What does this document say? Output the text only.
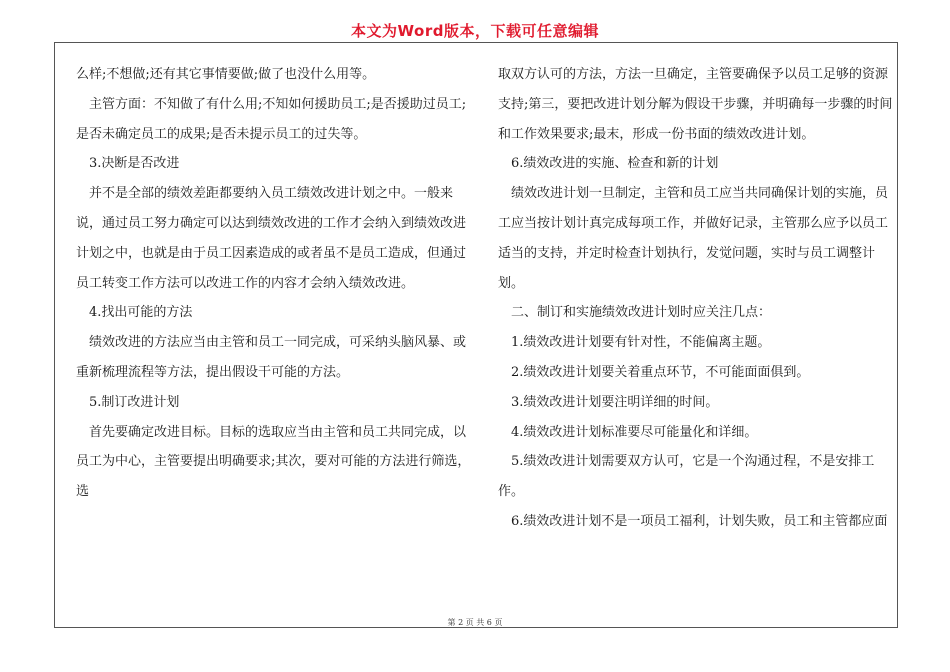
本文为Word版本，下载可任意编辑

么样;不想做;还有其它事情要做;做了也没什么用等。

主管方面：不知做了有什么用;不知如何援助员工;是否援助过员工;是否未确定员工的成果;是否未提示员工的过失等。

3.决断是否改进

并不是全部的绩效差距都要纳入员工绩效改进计划之中。一般来说，通过员工努力确定可以达到绩效改进的工作才会纳入到绩效改进计划之中，也就是由于员工因素造成的或者虽不是员工造成，但通过员工转变工作方法可以改进工作的内容才会纳入绩效改进。

4.找出可能的方法

绩效改进的方法应当由主管和员工一同完成，可采纳头脑风暴、或重新梳理流程等方法，提出假设干可能的方法。

5.制订改进计划

首先要确定改进目标。目标的选取应当由主管和员工共同完成，以员工为中心，主管要提出明确要求;其次，要对可能的方法进行筛选，选

取双方认可的方法，方法一旦确定，主管要确保予以员工足够的资源支持;第三，要把改进计划分解为假设干步骤，并明确每一步骤的时间和工作效果要求;最末，形成一份书面的绩效改进计划。

6.绩效改进的实施、检查和新的计划

绩效改进计划一旦制定，主管和员工应当共同确保计划的实施，员工应当按计划计真完成每项工作，并做好记录，主管那么应予以员工适当的支持，并定时检查计划执行，发觉问题，实时与员工调整计划。

二、制订和实施绩效改进计划时应关注几点：

1.绩效改进计划要有针对性，不能偏离主题。

2.绩效改进计划要关着重点环节，不可能面面俱到。

3.绩效改进计划要注明详细的时间。

4.绩效改进计划标准要尽可能量化和详细。

5.绩效改进计划需要双方认可，它是一个沟通过程，不是安排工作。

6.绩效改进计划不是一项员工福利，计划失败，员工和主管都应面

第 2 页 共 6 页
